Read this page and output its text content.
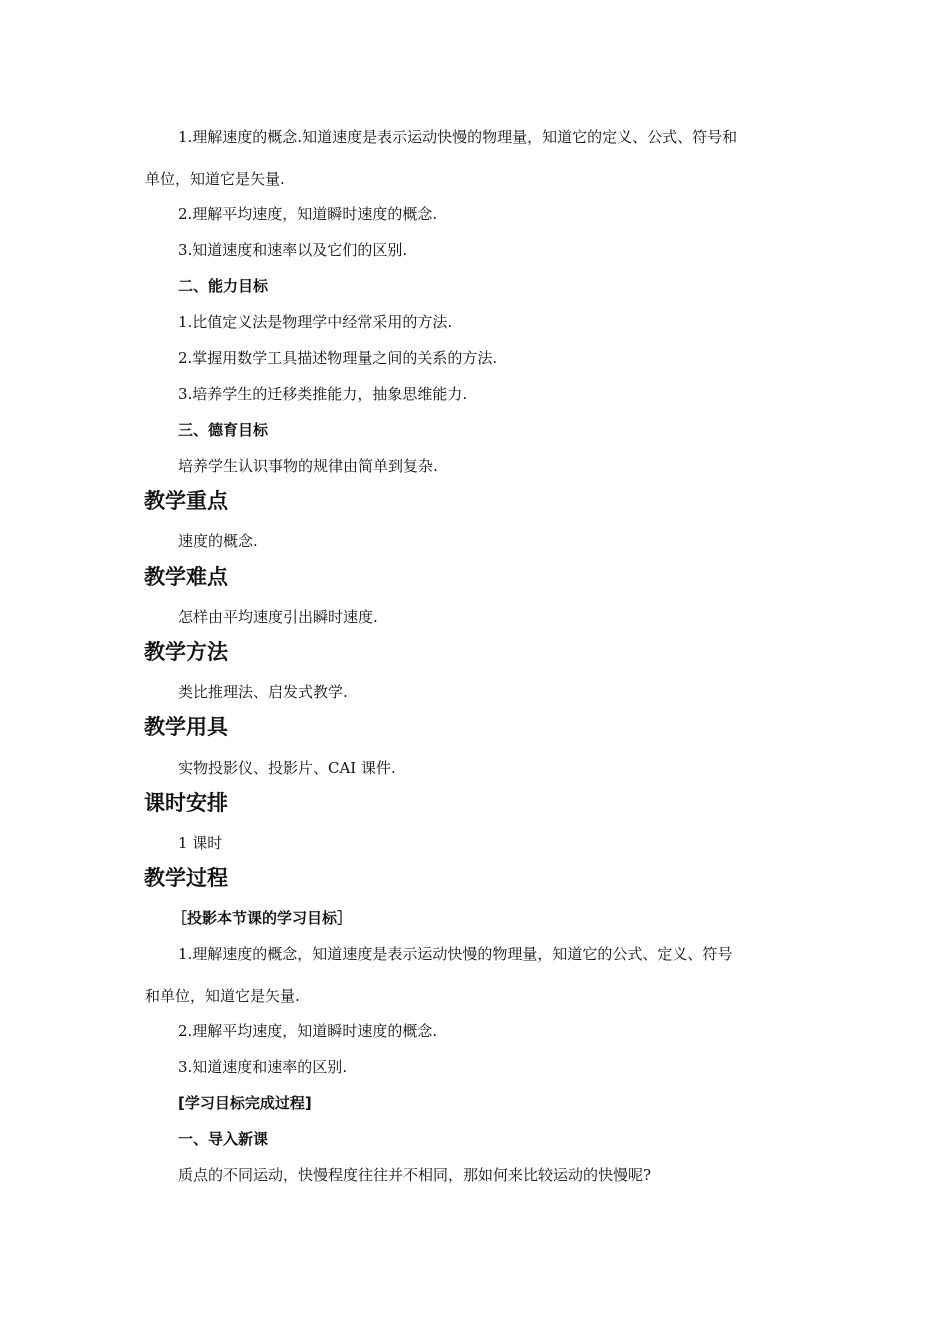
1.理解速度的概念.知道速度是表示运动快慢的物理量，知道它的定义、公式、符号和
单位，知道它是矢量.
2.理解平均速度，知道瞬时速度的概念.
3.知道速度和速率以及它们的区别.
二、能力目标
1.比值定义法是物理学中经常采用的方法.
2.掌握用数学工具描述物理量之间的关系的方法.
3.培养学生的迁移类推能力，抽象思维能力.
三、德育目标
培养学生认识事物的规律由简单到复杂.
教学重点
速度的概念.
教学难点
怎样由平均速度引出瞬时速度.
教学方法
类比推理法、启发式教学.
教学用具
实物投影仪、投影片、CAI 课件.
课时安排
1 课时
教学过程
［投影本节课的学习目标］
1.理解速度的概念，知道速度是表示运动快慢的物理量，知道它的公式、定义、符号
和单位，知道它是矢量.
2.理解平均速度，知道瞬时速度的概念.
3.知道速度和速率的区别.
[学习目标完成过程]
一、导入新课
质点的不同运动，快慢程度往往并不相同，那如何来比较运动的快慢呢?
